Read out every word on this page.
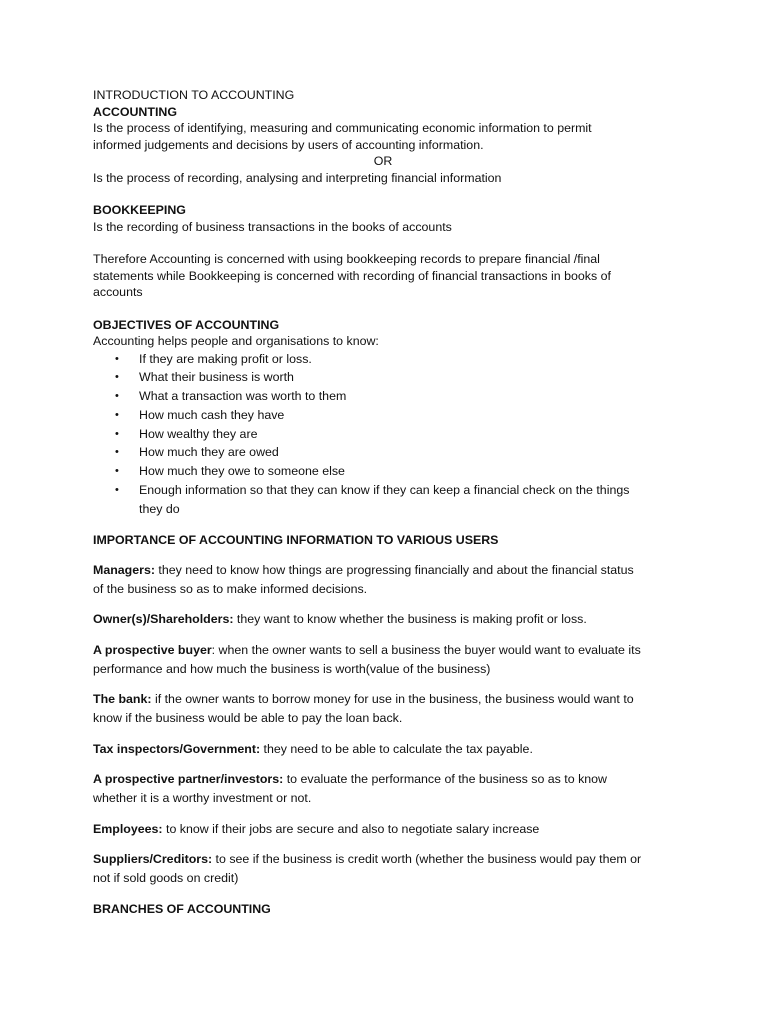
INTRODUCTION TO ACCOUNTING
ACCOUNTING
Is the process of identifying, measuring and communicating economic information to permit
informed judgements and decisions by users of accounting information.
OR
Is the process of recording, analysing and interpreting financial information
BOOKKEEPING
Is the recording of business transactions in the books of accounts
Therefore Accounting is concerned with using bookkeeping records to prepare financial /final
statements while Bookkeeping is concerned with recording of financial transactions in books of
accounts
OBJECTIVES OF ACCOUNTING
Accounting helps people and organisations to know:
• If they are making profit or loss.
• What their business is worth
• What a transaction was worth to them
• How much cash they have
• How wealthy they are
• How much they are owed
• How much they owe to someone else
• Enough information so that they can know if they can keep a financial check on the things
they do
IMPORTANCE OF ACCOUNTING INFORMATION TO VARIOUS USERS
Managers: they need to know how things are progressing financially and about the financial status
of the business so as to make informed decisions.
Owner(s)/Shareholders: they want to know whether the business is making profit or loss.
A prospective buyer: when the owner wants to sell a business the buyer would want to evaluate its
performance and how much the business is worth(value of the business)
The bank: if the owner wants to borrow money for use in the business, the business would want to
know if the business would be able to pay the loan back.
Tax inspectors/Government: they need to be able to calculate the tax payable.
A prospective partner/investors: to evaluate the performance of the business so as to know
whether it is a worthy investment or not.
Employees: to know if their jobs are secure and also to negotiate salary increase
Suppliers/Creditors: to see if the business is credit worth (whether the business would pay them or
not if sold goods on credit)
BRANCHES OF ACCOUNTING
